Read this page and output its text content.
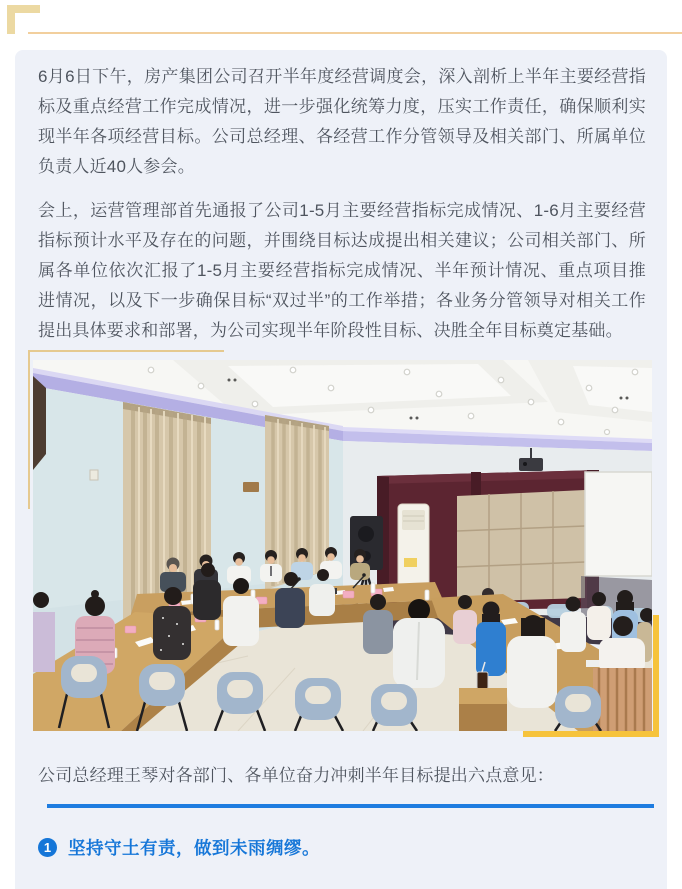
6月6日下午，房产集团公司召开半年度经营调度会，深入剖析上半年主要经营指标及重点经营工作完成情况，进一步强化统筹力度，压实工作责任，确保顺利实现半年各项经营目标。公司总经理、各经营工作分管领导及相关部门、所属单位负责人近40人参会。

会上，运营管理部首先通报了公司1-5月主要经营指标完成情况、1-6月主要经营指标预计水平及存在的问题，并围绕目标达成提出相关建议；公司相关部门、所属各单位依次汇报了1-5月主要经营指标完成情况、半年预计情况、重点项目推进情况，以及下一步确保目标“双过半”的工作举措；各业务分管领导对相关工作提出具体要求和部署，为公司实现半年阶段性目标、决胜全年目标奠定基础。

公司总经理王琴对各部门、各单位奋力冲刺半年目标提出六点意见：

1 坚持守土有责，做到未雨绸缪。
